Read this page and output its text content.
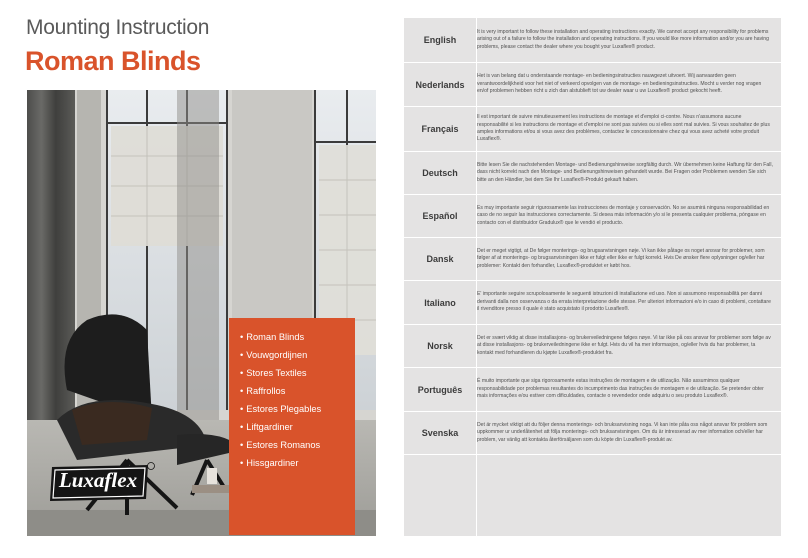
Mounting Instruction
Roman Blinds
• Roman Blinds
• Vouwgordijnen
• Stores Textiles
• Raffrollos
• Estores Plegables
• Liftgardiner
• Estores Romanos
• Hissgardiner
Luxaflex
English

It is very important to follow these installation and operating instructions exactly. We cannot accept any responsibility for problems arising out of a failure to follow the installation and operating instructions. If you would like more information and/or you are having problems, please contact the dealer where you bought your Luxaflex® product.

Nederlands

Het is van belang dat u onderstaande montage- en bedieningsinstructies nauwgezet uitvoert. Wij aanvaarden geen verantwoordelijkheid voor het niet of verkeerd opvolgen van de montage- en bedieningsinstructies. Mocht u verder nog vragen en/of problemen hebben richt u zich dan alstublieft tot uw dealer waar u uw Luxaflex® product gekocht heeft.

Français

Il est important de suivre minutieusement les instructions de montage et d'emploi ci-contre. Nous n'assumons aucune responsabilité si les instructions de montage et d'emploi ne sont pas suivies ou si elles sont mal suivies. Si vous souhaitez de plus amples informations et/ou si vous avez des problèmes, contactez le concessionnaire chez qui vous avez acheté votre produit Luxaflex®.

Deutsch

Bitte lesen Sie die nachstehenden Montage- und Bedienungshinweise sorgfältig durch. Wir übernehmen keine Haftung für den Fall, dass nicht korrekt nach den Montage- und Bedienungshinweisen gehandelt wurde. Bei Fragen oder Problemen wenden Sie sich bitte an den Händler, bei dem Sie Ihr Luxaflex®-Produkt gekauft haben.

Español

Es muy importante seguir rigurosamente las instrucciones de montaje y conservación. No se asumirá ninguna responsabilidad en caso de no seguir las instrucciones correctamente. Si desea más información y/o si le presenta cualquier problema, póngase en contacto con el distribuidor Gradulux® que le vendió el producto.

Dansk

Det er meget vigtigt, at De følger monterings- og brugsanvisningen nøje. Vi kan ikke påtage os noget ansvar for problemer, som følger af at monterings- og brugsanvisningen ikke er fulgt eller ikke er fulgt korrekt. Hvis De ønsker flere oplysninger og/eller har problemer: Kontakt den forhandler, Luxaflex®-produktet er købt hos.

Italiano

E' importante seguire scrupolosamente le seguenti istruzioni di installazione ed uso. Non si assumono responsabilità per danni derivanti dalla non osservanza o da errata interpretazione delle stesse. Per ulteriori informazioni e/o in caso di problemi, contattare il rivenditore presso il quale è stato acquistato il prodotto Luxaflex®.

Norsk

Det er svært viktig at disse installasjons- og brukerveiledningene følges nøye. Vi tar ikke på oss ansvar for problemer som følge av at disse installasjons- og brukerveiledningene ikke er fulgt. Hvis du vil ha mer informasjon, og/eller hvis du har problemer, ta kontakt med forhandleren du kjøpte Luxaflex®-produktet fra.

Português

É muito importante que siga rigorosamente estas instruções de montagem e de utilização. Não assumimos qualquer responsabilidade por problemas resultantes do incumprimento das instruções de montagem e de utilização. Se pretender obter mais informações e/ou estiver com dificuldades, contacte o revendedor onde adquiriu o seu produto Luxaflex®.

Svenska

Det är mycket viktigt att du följer denna monterings- och bruksanvisning noga. Vi kan inte påta oss något ansvar för problem som uppkommer ur underlåtenhet att följa monterings- och bruksanvisningen. Om du är intresserad av mer information och/eller har problem, var vänlig att kontakta återförsäljaren som du köpte din Luxaflex®-produkt av.
